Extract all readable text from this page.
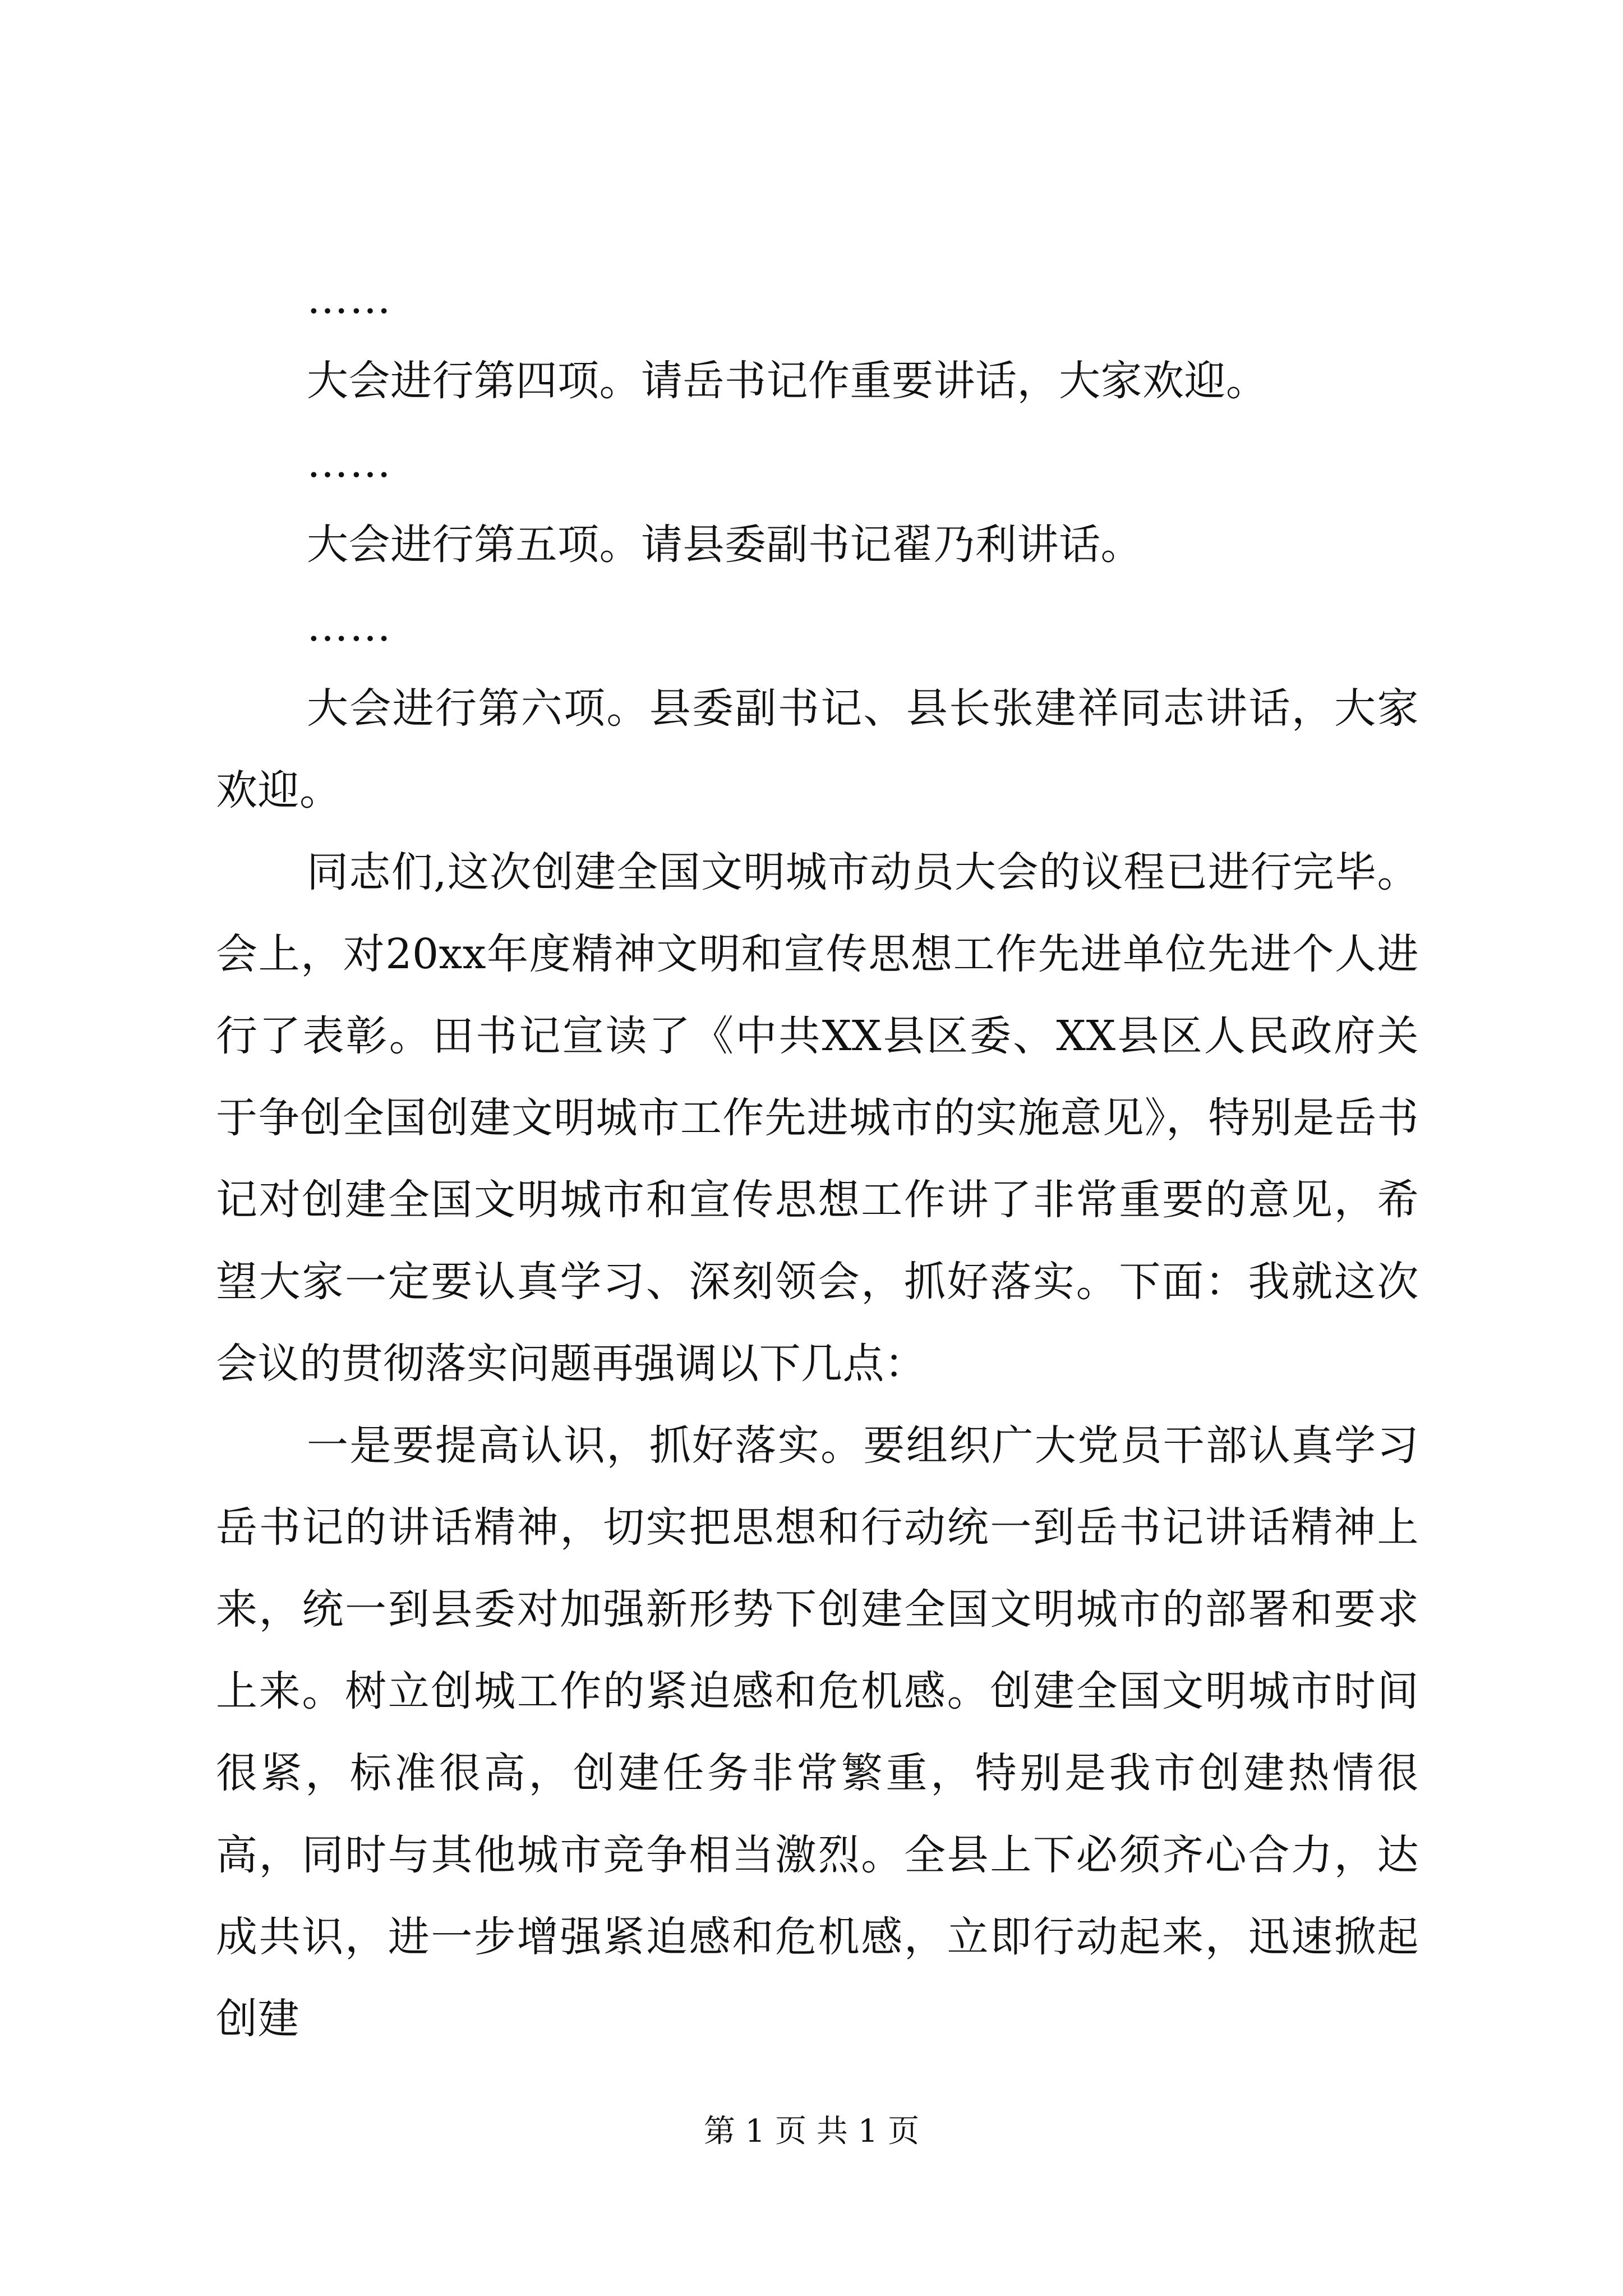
……

大会进行第四项。请岳书记作重要讲话，大家欢迎。

……

大会进行第五项。请县委副书记翟乃利讲话。

……

大会进行第六项。县委副书记、县长张建祥同志讲话，大家欢迎。

同志们,这次创建全国文明城市动员大会的议程已进行完毕。会上，对20xx年度精神文明和宣传思想工作先进单位先进个人进行了表彰。田书记宣读了《中共XX县区委、XX县区人民政府关于争创全国创建文明城市工作先进城市的实施意见》，特别是岳书记对创建全国文明城市和宣传思想工作讲了非常重要的意见，希望大家一定要认真学习、深刻领会，抓好落实。下面：我就这次会议的贯彻落实问题再强调以下几点：

一是要提高认识，抓好落实。要组织广大党员干部认真学习岳书记的讲话精神，切实把思想和行动统一到岳书记讲话精神上来，统一到县委对加强新形势下创建全国文明城市的部署和要求上来。树立创城工作的紧迫感和危机感。创建全国文明城市时间很紧，标准很高，创建任务非常繁重，特别是我市创建热情很高，同时与其他城市竞争相当激烈。全县上下必须齐心合力，达成共识，进一步增强紧迫感和危机感，立即行动起来，迅速掀起创建

第 1 页 共 1 页
